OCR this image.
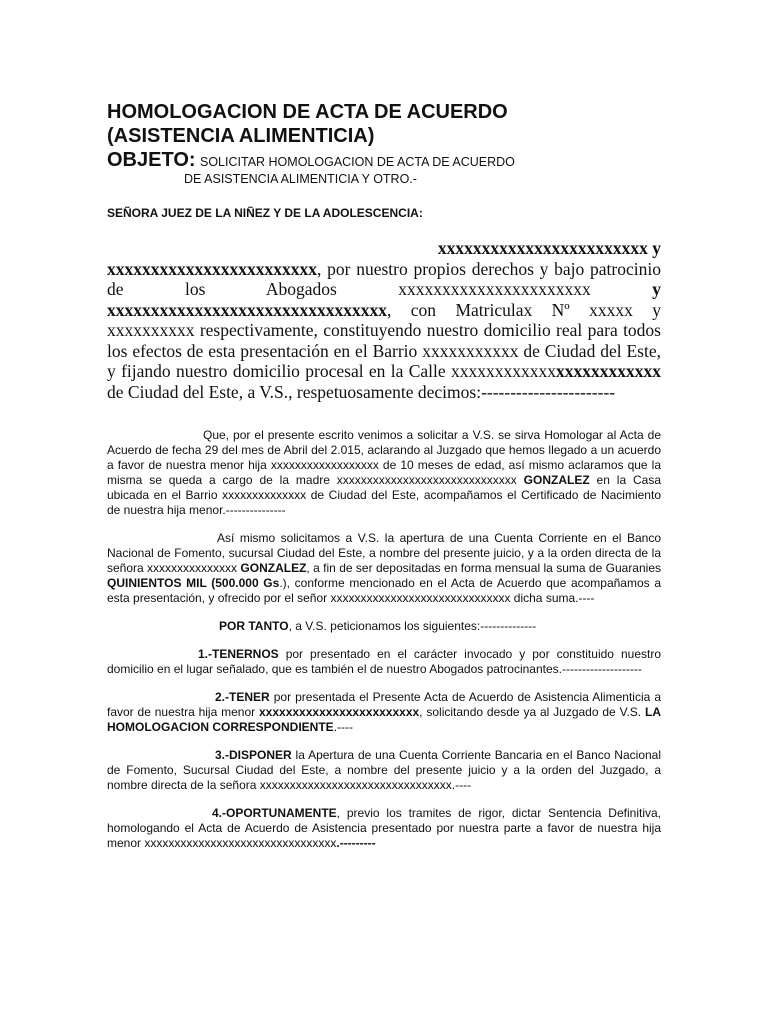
HOMOLOGACION DE ACTA DE ACUERDO
(ASISTENCIA ALIMENTICIA)
OBJETO: SOLICITAR HOMOLOGACION DE ACTA DE ACUERDO
DE ASISTENCIA ALIMENTICIA Y OTRO.-
SEÑORA JUEZ DE LA NIÑEZ Y DE LA ADOLESCENCIA:
xxxxxxxxxxxxxxxxxxxxxxxx y
xxxxxxxxxxxxxxxxxxxxxxxx, por nuestro propios derechos y bajo patrocinio de los Abogados xxxxxxxxxxxxxxxxxxxxxx y xxxxxxxxxxxxxxxxxxxxxxxxxxxxxxxx, con Matriculax Nº xxxxx y xxxxxxxxxx respectivamente, constituyendo nuestro domicilio real para todos los efectos de esta presentación en el Barrio xxxxxxxxxxx de Ciudad del Este, y fijando nuestro domicilio procesal en la Calle xxxxxxxxxxxxxxxxxxxxxxxx de Ciudad del Este, a V.S., respetuosamente decimos:-----------------------

Que, por el presente escrito venimos a solicitar a V.S. se sirva Homologar al Acta de Acuerdo de fecha 29 del mes de Abril del 2.015, aclarando al Juzgado que hemos llegado a un acuerdo a favor de nuestra menor hija xxxxxxxxxxxxxxxxxx de 10 meses de edad, así mismo aclaramos que la misma se queda a cargo de la madre xxxxxxxxxxxxxxxxxxxxxxxxxxxxxx GONZALEZ en la Casa ubicada en el Barrio xxxxxxxxxxxxxx de Ciudad del Este, acompañamos el Certificado de Nacimiento de nuestra hija menor.---------------

Así mismo solicitamos a V.S. la apertura de una Cuenta Corriente en el Banco Nacional de Fomento, sucursal Ciudad del Este, a nombre del presente juicio, y a la orden directa de la señora xxxxxxxxxxxxxxx GONZALEZ, a fin de ser depositadas en forma mensual la suma de Guaranies QUINIENTOS MIL (500.000 Gs.), conforme mencionado en el Acta de Acuerdo que acompañamos a esta presentación, y ofrecido por el señor xxxxxxxxxxxxxxxxxxxxxxxxxxxxxx dicha suma.----

POR TANTO, a V.S. peticionamos los siguientes:--------------

1.-TENERNOS por presentado en el carácter invocado y por constituido nuestro domicilio en el lugar señalado, que es también el de nuestro Abogados patrocinantes.--------------------

2.-TENER por presentada el Presente Acta de Acuerdo de Asistencia Alimenticia a favor de nuestra hija menor xxxxxxxxxxxxxxxxxxxxxxxx, solicitando desde ya al Juzgado de V.S. LA HOMOLOGACION CORRESPONDIENTE.----

3.-DISPONER la Apertura de una Cuenta Corriente Bancaria en el Banco Nacional de Fomento, Sucursal Ciudad del Este, a nombre del presente juicio y a la orden del Juzgado, a nombre directa de la señora xxxxxxxxxxxxxxxxxxxxxxxxxxxxxxxx.----

4.-OPORTUNAMENTE, previo los tramites de rigor, dictar Sentencia Definitiva, homologando el Acta de Acuerdo de Asistencia presentado por nuestra parte a favor de nuestra hija menor xxxxxxxxxxxxxxxxxxxxxxxxxxxxxxxx.---------
